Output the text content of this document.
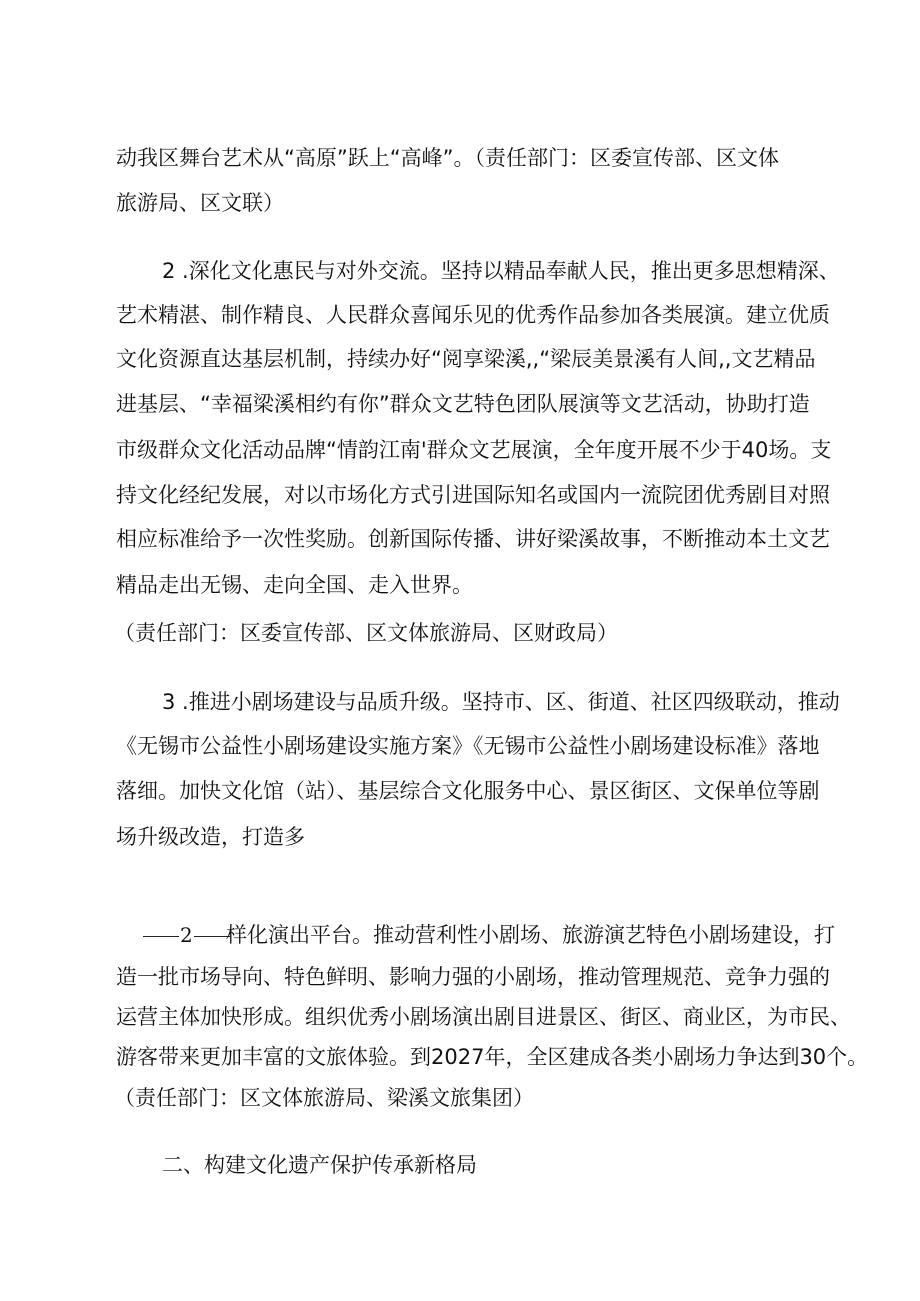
动我区舞台艺术从“高原”跃上“高峰”。（责任部门：区委宣传部、区文体
旅游局、区文联）
2 .深化文化惠民与对外交流。坚持以精品奉献人民，推出更多思想精深、
艺术精湛、制作精良、人民群众喜闻乐见的优秀作品参加各类展演。建立优质
文化资源直达基层机制，持续办好“阅享梁溪,,“梁辰美景溪有人间,,文艺精品
进基层、“幸福梁溪相约有你”群众文艺特色团队展演等文艺活动，协助打造
市级群众文化活动品牌“情韵江南'群众文艺展演，全年度开展不少于40场。支
持文化经纪发展，对以市场化方式引进国际知名或国内一流院团优秀剧目对照
相应标准给予一次性奖励。创新国际传播、讲好梁溪故事，不断推动本土文艺
精品走出无锡、走向全国、走入世界。
（责任部门：区委宣传部、区文体旅游局、区财政局）
3 .推进小剧场建设与品质升级。坚持市、区、街道、社区四级联动，推动
《无锡市公益性小剧场建设实施方案》《无锡市公益性小剧场建设标准》落地
落细。加快文化馆（站）、基层综合文化服务中心、景区街区、文保单位等剧
场升级改造，打造多
2	样化演出平台。推动营利性小剧场、旅游演艺特色小剧场建设，打
造一批市场导向、特色鲜明、影响力强的小剧场，推动管理规范、竞争力强的
运营主体加快形成。组织优秀小剧场演出剧目进景区、街区、商业区，为市民、
游客带来更加丰富的文旅体验。到2027年，全区建成各类小剧场力争达到30个。
（责任部门：区文体旅游局、梁溪文旅集团）
二、构建文化遗产保护传承新格局
